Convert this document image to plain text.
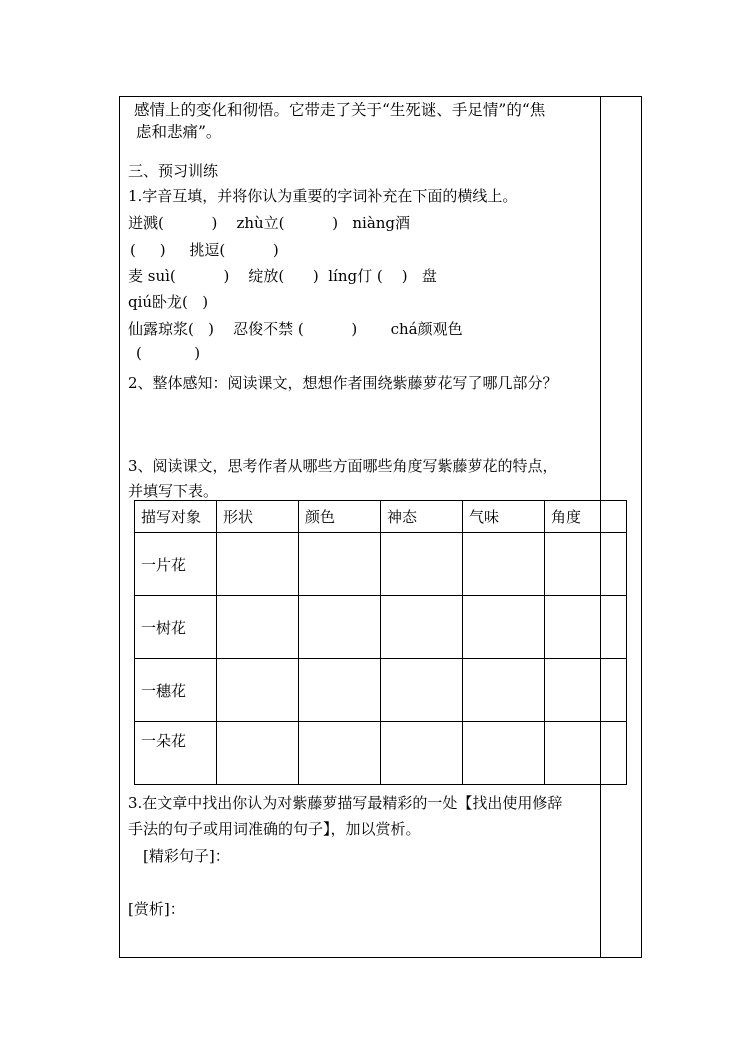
感情上的变化和彻悟。它带走了关于“生死谜、手足情”的“焦
虑和悲痛”。
三、预习训练
1.字音互填，并将你认为重要的字词补充在下面的横线上。
迸溅(          )    zhù立(          )   niàng酒
(     )     挑逗(          )
麦 suì(          )    绽放(      )  líng仃 (    )   盘
qiú卧龙(   )
仙露琼浆(   )    忍俊不禁 (          )       chá颜观色
(           )
2、整体感知：阅读课文，想想作者围绕紫藤萝花写了哪几部分？
3、阅读课文，思考作者从哪些方面哪些角度写紫藤萝花的特点，
并填写下表。
描写对象	形状	颜色	神态	气味	角度
一片花					
一树花					
一穗花					
一朵花					
3.在文章中找出你认为对紫藤萝描写最精彩的一处【找出使用修辞
手法的句子或用词准确的句子】，加以赏析。
[精彩句子]：
[赏析]：
